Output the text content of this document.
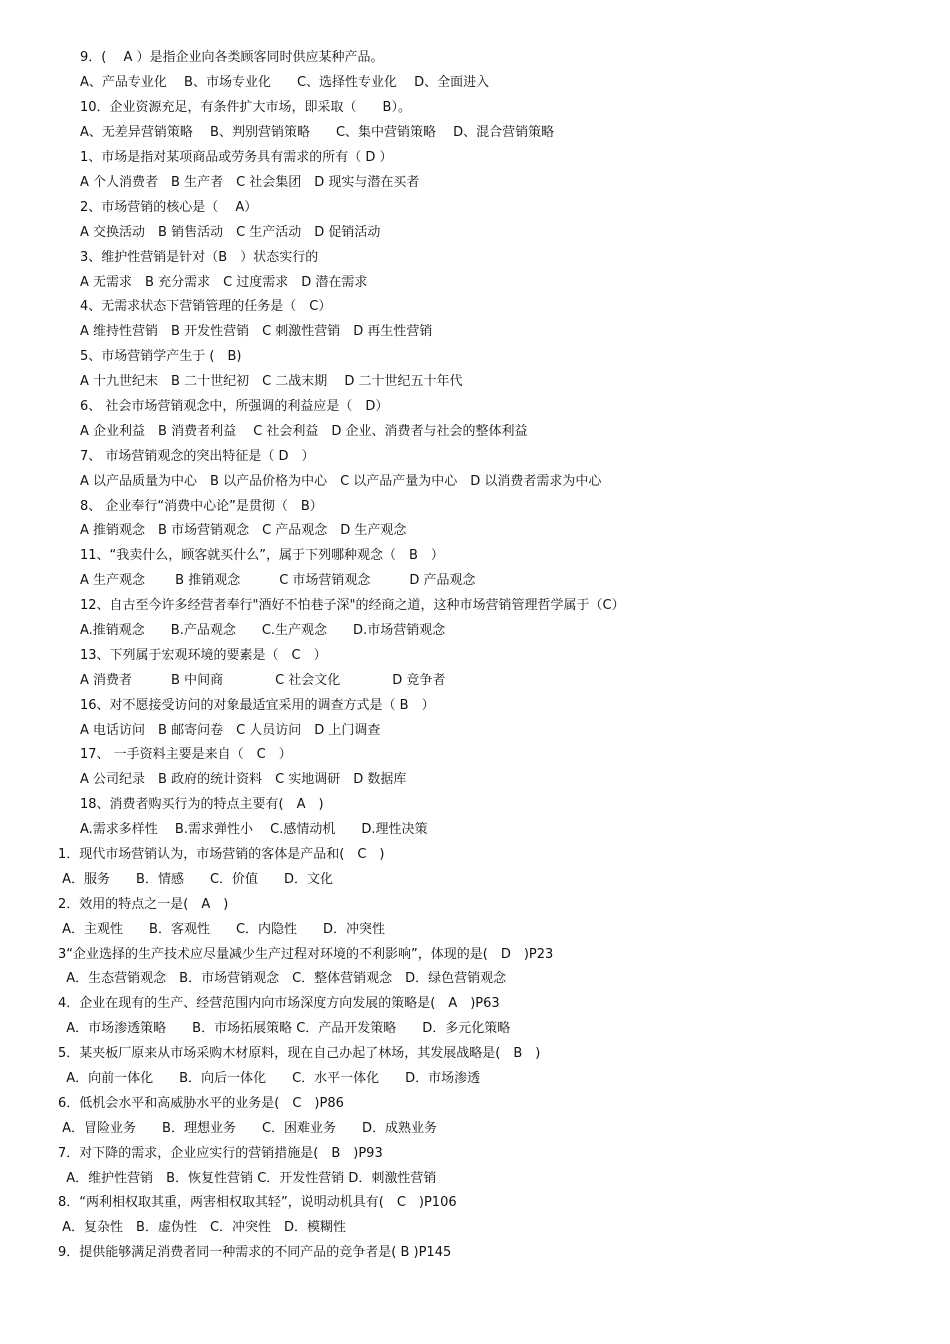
9．(　 A ）是指企业向各类顾客同时供应某种产品。
A、产品专业化　 B、市场专业化　　C、选择性专业化　 D、全面进入
10．企业资源充足，有条件扩大市场，即采取（　　B）。
A、无差异营销策略　 B、判别营销策略　　C、集中营销策略　 D、混合营销策略
1、市场是指对某项商品或劳务具有需求的所有（ D ）
A 个人消费者　B 生产者　C 社会集团　D 现实与潜在买者
2、市场营销的核心是（　 A）
A 交换活动　B 销售活动　C 生产活动　D 促销活动
3、维护性营销是针对（B　）状态实行的
A 无需求　B 充分需求　C 过度需求　D 潜在需求
4、无需求状态下营销管理的任务是（　C）
A 维持性营销　B 开发性营销　C 刺激性营销　D 再生性营销
5、市场营销学产生于 (　B)
A 十九世纪末　B 二十世纪初　C 二战末期　 D 二十世纪五十年代
6、 社会市场营销观念中，所强调的利益应是（　D）
A 企业利益　B 消费者利益　 C 社会利益　D 企业、消费者与社会的整体利益
7、 市场营销观念的突出特征是（ D　）
A 以产品质量为中心　B 以产品价格为中心　C 以产品产量为中心　D 以消费者需求为中心
8、 企业奉行“消费中心论”是贯彻（　B）
A 推销观念　B 市场营销观念　C 产品观念　D 生产观念
11、“我卖什么，顾客就买什么”，属于下列哪种观念（　B　）
A 生产观念　　 B 推销观念　　　C 市场营销观念　　　D 产品观念
12、自古至今许多经营者奉行"酒好不怕巷子深"的经商之道，这种市场营销管理哲学属于（C）
A.推销观念　　B.产品观念　　C.生产观念　　D.市场营销观念
13、下列属于宏观环境的要素是（　C　）
A 消费者　　　B 中间商　　　　C 社会文化　　　　D 竞争者
16、对不愿接受访问的对象最适宜采用的调查方式是（ B　）
A 电话访问　B 邮寄问卷　C 人员访问　D 上门调查
17、 一手资料主要是来自（　C　）
A 公司纪录　B 政府的统计资料　C 实地调研　D 数据库
18、消费者购买行为的特点主要有(　A　)
A.需求多样性　 B.需求弹性小　 C.感情动机　　D.理性决策
1．现代市场营销认为，市场营销的客体是产品和(　C　)
A．服务　　B．情感　　C．价值　　D．文化
2．效用的特点之一是(　A　)
A．主观性　　B．客观性　　C．内隐性　　D．冲突性
3“企业选择的生产技术应尽量减少生产过程对环境的不利影响”，体现的是(　D　)P23
A．生态营销观念　B．市场营销观念　C．整体营销观念　D．绿色营销观念
4．企业在现有的生产、经营范围内向市场深度方向发展的策略是(　A　)P63
A．市场渗透策略　　B．市场拓展策略 C．产品开发策略　　D．多元化策略
5．某夹板厂原来从市场采购木材原料，现在自己办起了林场，其发展战略是(　B　)
A．向前一体化　　B．向后一体化　　C．水平一体化　　D．市场渗透
6．低机会水平和高威胁水平的业务是(　C　)P86
A．冒险业务　　B．理想业务　　C．困难业务　　D．成熟业务
7．对下降的需求，企业应实行的营销措施是(　B　)P93
A．维护性营销　B．恢复性营销 C．开发性营销 D．刺激性营销
8．“两利相权取其重，两害相权取其轻”，说明动机具有(　C　)P106
A．复杂性　B．虚伪性　C．冲突性　D．模糊性
9．提供能够满足消费者同一种需求的不同产品的竞争者是( B )P145
